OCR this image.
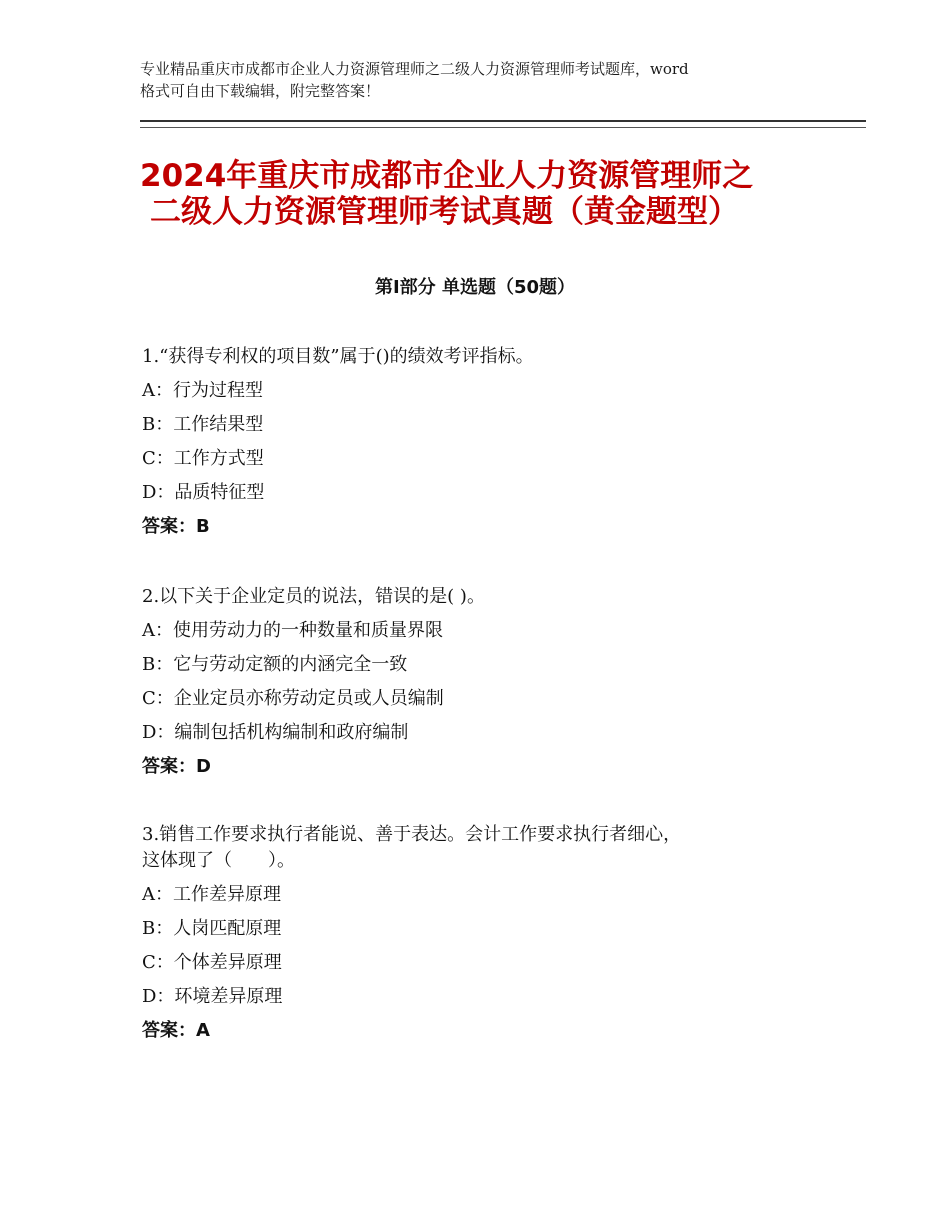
专业精品重庆市成都市企业人力资源管理师之二级人力资源管理师考试题库，word
格式可自由下载编辑，附完整答案！
2024年重庆市成都市企业人力资源管理师之
二级人力资源管理师考试真题（黄金题型）
第Ⅰ部分 单选题（50题）
1.“获得专利权的项目数”属于()的绩效考评指标。
A：行为过程型
B：工作结果型
C：工作方式型
D：品质特征型
答案：B
2.以下关于企业定员的说法，错误的是( )。
A：使用劳动力的一种数量和质量界限
B：它与劳动定额的内涵完全一致
C：企业定员亦称劳动定员或人员编制
D：编制包括机构编制和政府编制
答案：D
3.销售工作要求执行者能说、善于表达。会计工作要求执行者细心，
这体现了（　　）。
A：工作差异原理
B：人岗匹配原理
C：个体差异原理
D：环境差异原理
答案：A
